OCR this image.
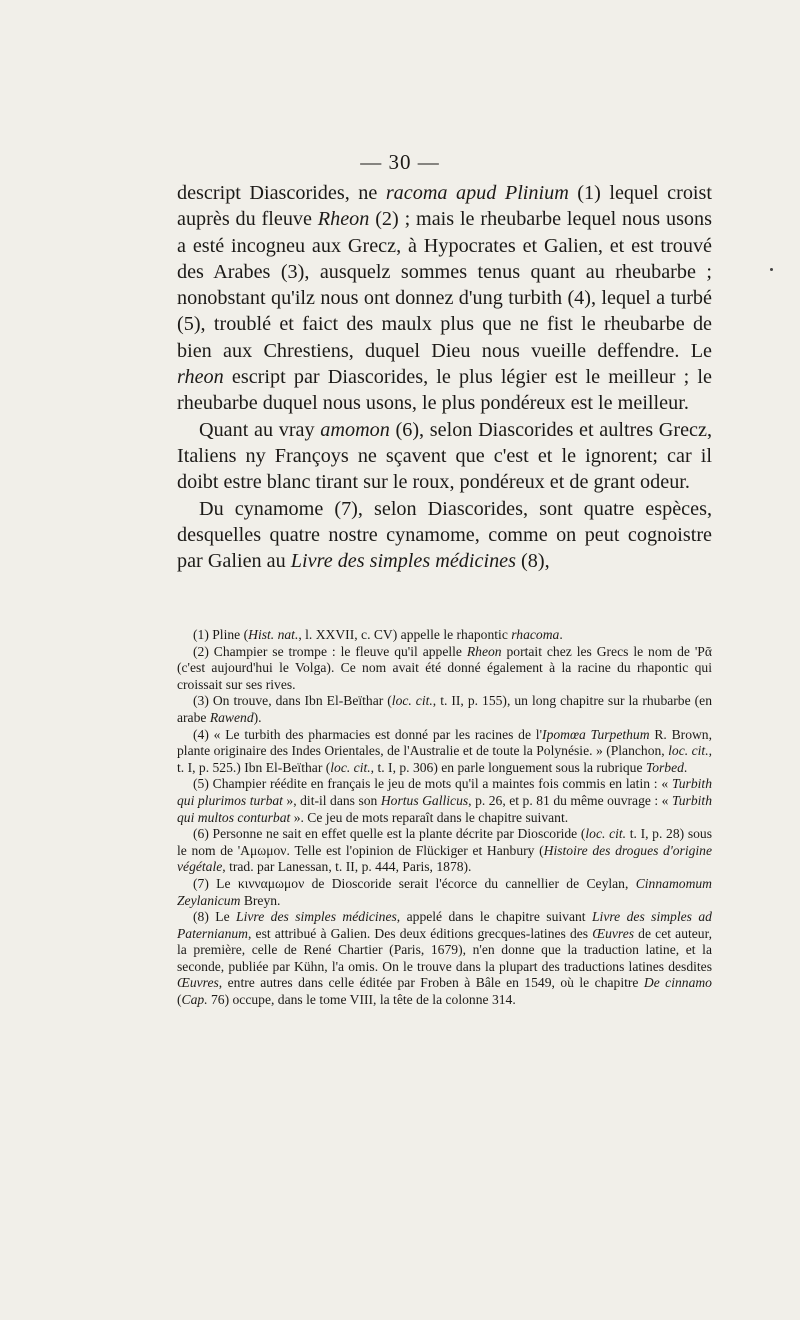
— 30 —

descript Diascorides, ne racoma apud Plinium (1) lequel croist auprès du fleuve Rheon (2) ; mais le rheubarbe lequel nous usons a esté incogneu aux Grecz, à Hypocrates et Galien, et est trouvé des Arabes (3), ausquelz sommes tenus quant au rheubarbe ; nonobstant qu'ilz nous ont donnez d'ung turbith (4), lequel a turbé (5), troublé et faict des maulx plus que ne fist le rheubarbe de bien aux Chrestiens, duquel Dieu nous vueille deffendre. Le rheon escript par Diascorides, le plus légier est le meilleur ; le rheubarbe duquel nous usons, le plus pondéreux est le meilleur.

Quant au vray amomon (6), selon Diascorides et aultres Grecz, Italiens ny Françoys ne sçavent que c'est et le ignorent; car il doibt estre blanc tirant sur le roux, pondéreux et de grant odeur.

Du cynamome (7), selon Diascorides, sont quatre espèces, desquelles quatre nostre cynamome, comme on peut cognoistre par Galien au Livre des simples médicines (8),

(1) Pline (Hist. nat., l. XXVII, c. CV) appelle le rhapontic rhacoma.

(2) Champier se trompe : le fleuve qu'il appelle Rheon portait chez les Grecs le nom de 'Pᾶ (c'est aujourd'hui le Volga). Ce nom avait été donné également à la racine du rhapontic qui croissait sur ses rives.

(3) On trouve, dans Ibn El-Beïthar (loc. cit., t. II, p. 155), un long chapitre sur la rhubarbe (en arabe Rawend).

(4) « Le turbith des pharmacies est donné par les racines de l'Ipomœa Turpethum R. Brown, plante originaire des Indes Orientales, de l'Australie et de toute la Polynésie. » (Planchon, loc. cit., t. I, p. 525.) Ibn El-Beïthar (loc. cit., t. I, p. 306) en parle longuement sous la rubrique Torbed.

(5) Champier réédite en français le jeu de mots qu'il a maintes fois commis en latin : « Turbith qui plurimos turbat », dit-il dans son Hortus Gallicus, p. 26, et p. 81 du même ouvrage : « Turbith qui multos conturbat ». Ce jeu de mots reparaît dans le chapitre suivant.

(6) Personne ne sait en effet quelle est la plante décrite par Dioscoride (loc. cit. t. I, p. 28) sous le nom de 'Aμωμον. Telle est l'opinion de Flückiger et Hanbury (Histoire des drogues d'origine végétale, trad. par Lanessan, t. II, p. 444, Paris, 1878).

(7) Le κινναμωμον de Dioscoride serait l'écorce du cannellier de Ceylan, Cinnamomum Zeylanicum Breyn.

(8) Le Livre des simples médicines, appelé dans le chapitre suivant Livre des simples ad Paternianum, est attribué à Galien. Des deux éditions grecques-latines des Œuvres de cet auteur, la première, celle de René Chartier (Paris, 1679), n'en donne que la traduction latine, et la seconde, publiée par Kühn, l'a omis. On le trouve dans la plupart des traductions latines desdites Œuvres, entre autres dans celle éditée par Froben à Bâle en 1549, où le chapitre De cinnamo (Cap. 76) occupe, dans le tome VIII, la tête de la colonne 314.
